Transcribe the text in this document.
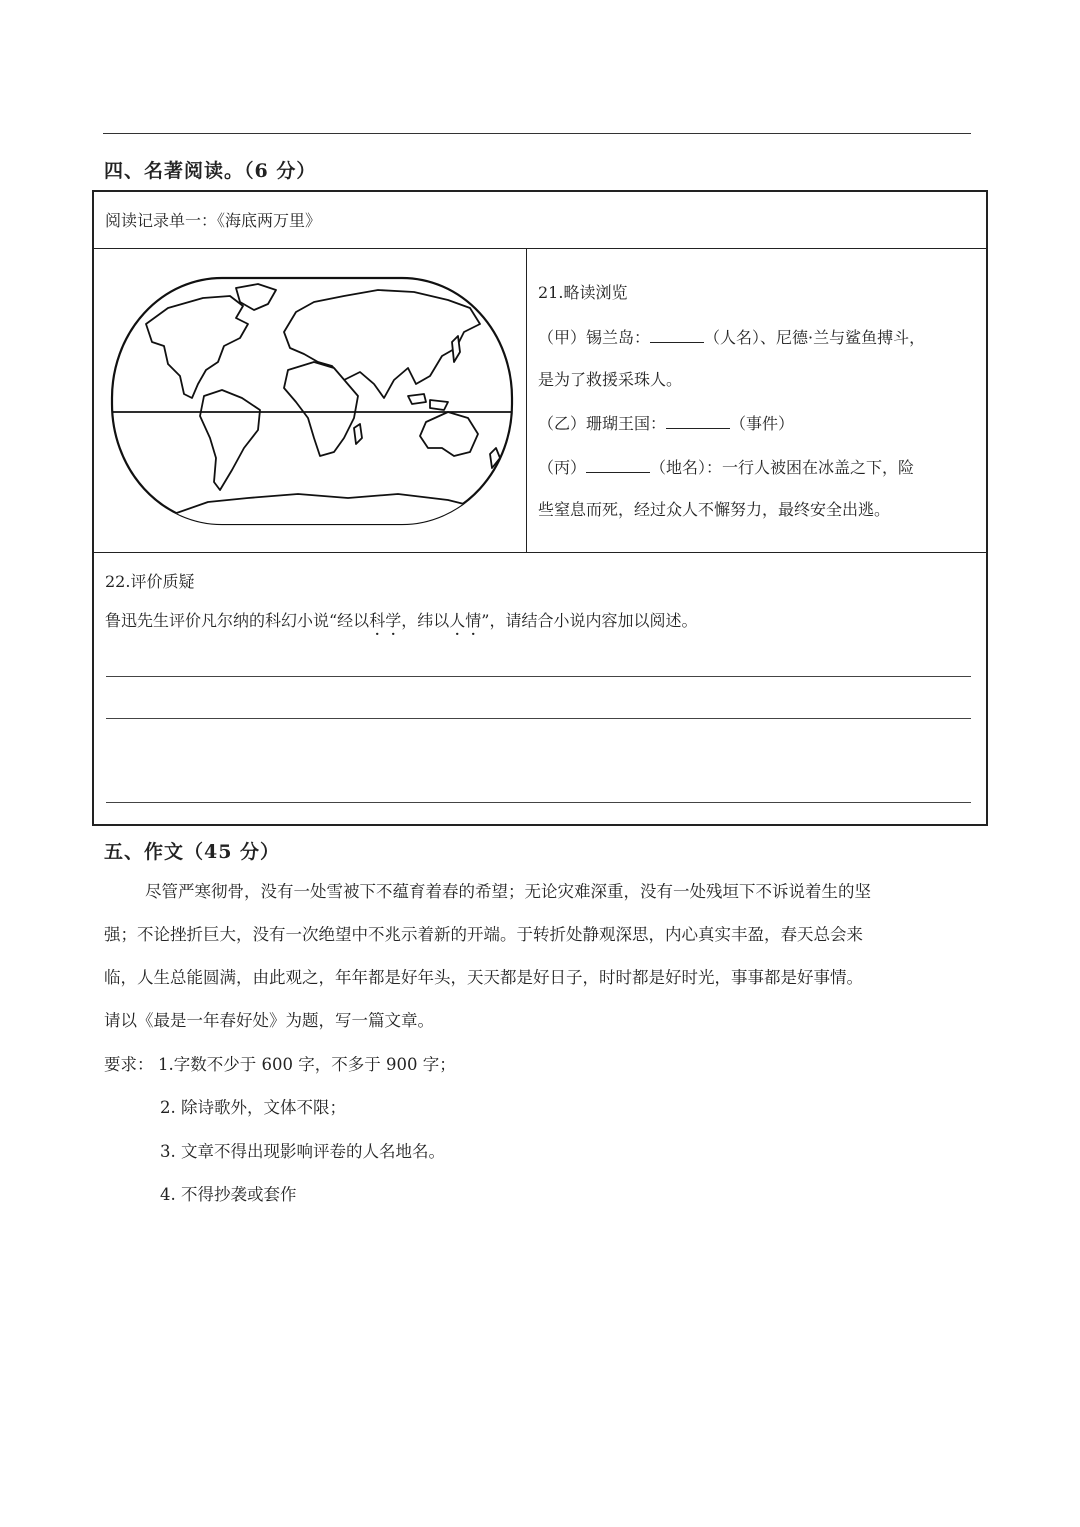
四、名著阅读。（6 分）
阅读记录单一：《海底两万里》
21.略读浏览
（甲）锡兰岛：	（人名）、尼德·兰与鲨鱼搏斗，
是为了救援采珠人。
（乙）珊瑚王国：	（事件）
（丙）	（地名）：一行人被困在冰盖之下，险
些窒息而死，经过众人不懈努力，最终安全出逃。
22.评价质疑
鲁迅先生评价凡尔纳的科幻小说“经以科学，纬以人情”，请结合小说内容加以阅述。
五、作文（45 分）
尽管严寒彻骨，没有一处雪被下不蕴育着春的希望；无论灾难深重，没有一处残垣下不诉说着生的坚
强；不论挫折巨大，没有一次绝望中不兆示着新的开端。于转折处静观深思，内心真实丰盈，春天总会来
临，人生总能圆满，由此观之，年年都是好年头，天天都是好日子，时时都是好时光，事事都是好事情。
请以《最是一年春好处》为题，写一篇文章。
要求： 1.字数不少于 600 字，不多于 900 字；
2. 除诗歌外，文体不限；
3. 文章不得出现影响评卷的人名地名。
4. 不得抄袭或套作
